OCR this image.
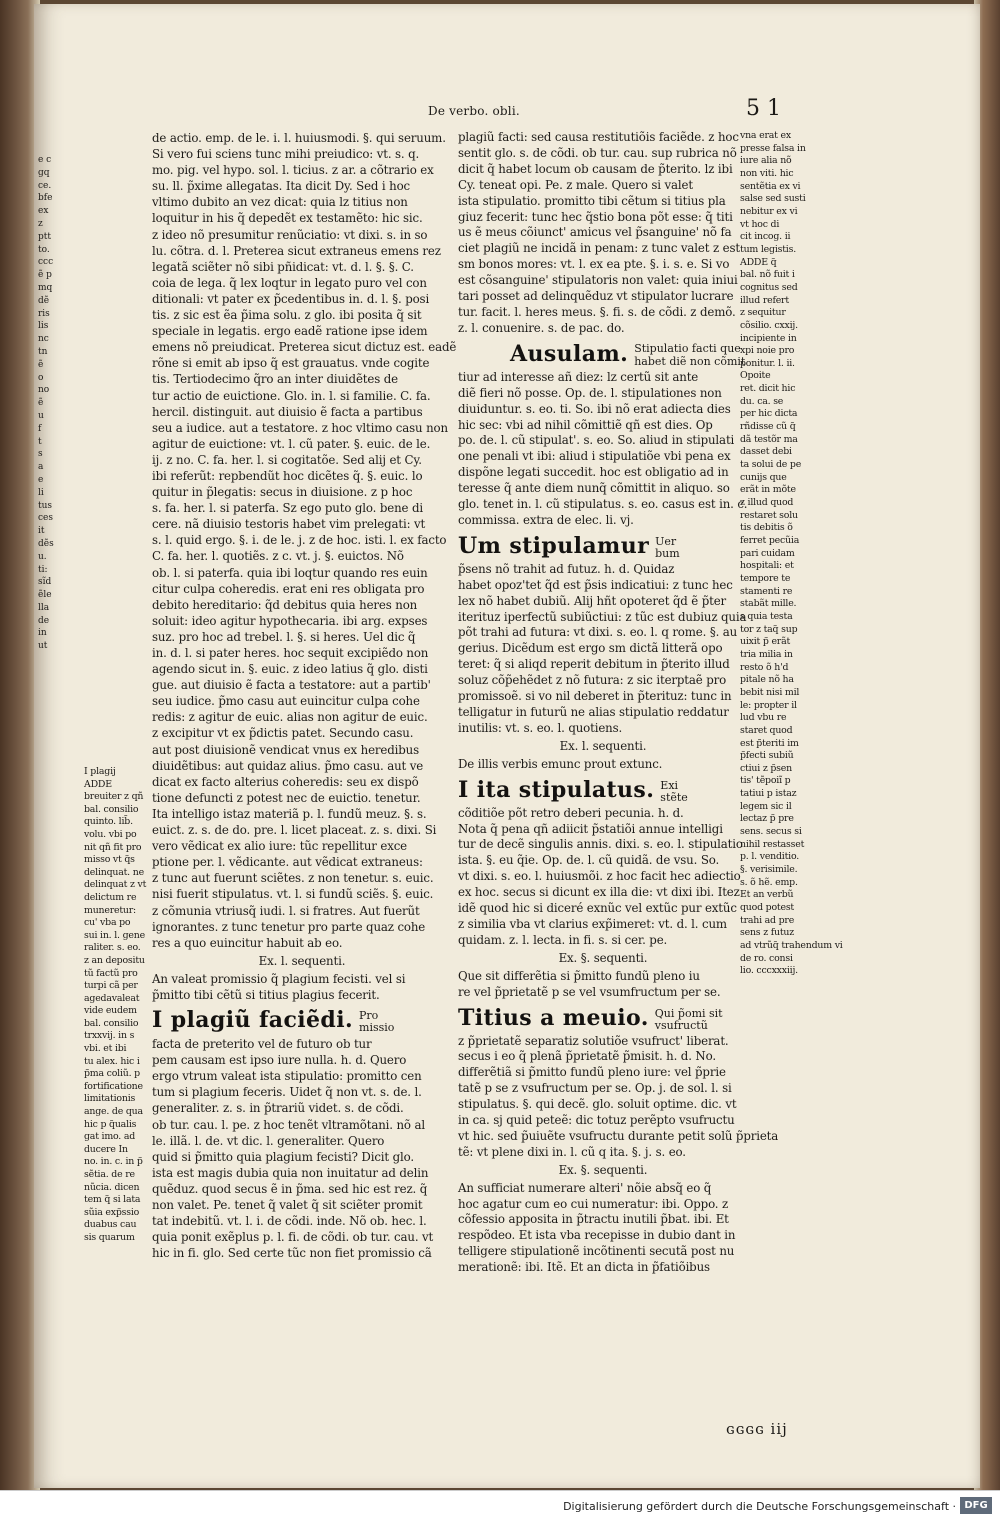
De verbo. obli.	5 1

e c

gq

ce.

bfe

ex

z

ptt

to.

ccc

ẽ p

mq

dẽ

ris

lis

nc

tn

ẽ

o

no

ẽ

u

f

t

s

a

e

li

tus

ces

it

dẽs

u.

ti:

sĩd

ẽle

lla

de

in

ut

I plagij

ADDE

breuiter z qñ

bal. consilio

quinto. lib̃.

volu. vbi po

nit qñ fit pro

misso vt q̃s

delinquat. ne

delinquat z vt

delictum re

muneretur:

cu' vba po

sui in. l. gene

raliter. s. eo.

z an depositu

tũ factũ pro

turpi cã per

agedavaleat

vide eudem

bal. consilio

trxxvij. in s

vbi. et ibi

tu alex. hic i

p̃ma coliũ. p

fortificatione

limitationis

ange. de qua

hic p q̃ualis

gat imo. ad

ducere In

no. in. c. in p̃

sẽtia. de re

nũcia. dicen

tem q̃ si lata

sũia exp̃ssio

duabus cau

sis quarum

de actio. emp. de le. i. l. huiusmodi. §. qui seruum.

Si vero fui sciens tunc mihi preiudico: vt. s. q.

mo. pig. vel hypo. sol. l. ticius. z ar. a cõtrario ex

su. ll. p̃xime allegatas. Ita dicit Dy. Sed i hoc

vltimo dubito an vez dicat: quia lz titius non

loquitur in his q̃ depedẽt ex testamẽto: hic sic.

z ideo nõ presumitur renũciatio: vt dixi. s. in so

lu. cõtra. d. l. Preterea sicut extraneus emens rez

legatã sciẽter nõ sibi pñidicat: vt. d. l. §. §. C.

coia de lega. q̃ lex loqtur in legato puro vel con

ditionali: vt pater ex p̃cedentibus in. d. l. §. posi

tis. z sic est ẽa p̃ima solu. z glo. ibi posita q̃ sit

speciale in legatis. ergo eadẽ ratione ipse idem

emens nõ preiudicat. Preterea sicut dictuz est. eadẽ

rõne si emit ab ipso q̃ est grauatus. vnde cogite

tis. Tertiodecimo q̃ro an inter diuidẽtes de

tur actio de euictione. Glo. in. l. si familie. C. fa.

hercil. distinguit. aut diuisio ẽ facta a partibus

seu a iudice. aut a testatore. z hoc vltimo casu non

agitur de euictione: vt. l. cũ pater. §. euic. de le.

ij. z no. C. fa. her. l. si cogitatõe. Sed alij et Cy.

ibi referũt: repbendũt hoc dicẽtes q̃. §. euic. lo

quitur in p̃legatis: secus in diuisione. z p hoc

s. fa. her. l. si paterfa. Sz ego puto glo. bene di

cere. nã diuisio testoris habet vim prelegati: vt

s. l. quid ergo. §. i. de le. j. z de hoc. isti. l. ex facto

C. fa. her. l. quotiẽs. z c. vt. j. §. euictos. Nõ

ob. l. si paterfa. quia ibi loqtur quando res euin

citur culpa coheredis. erat eni res obligata pro

debito hereditario: q̃d debitus quia heres non

soluit: ideo agitur hypothecaria. ibi arg. expses

suz. pro hoc ad trebel. l. §. si heres. Uel dic q̃

in. d. l. si pater heres. hoc sequit excipiẽdo non

agendo sicut in. §. euic. z ideo latius q̃ glo. disti

gue. aut diuisio ẽ facta a testatore: aut a partib'

seu iudice. p̃mo casu aut euincitur culpa cohe

redis: z agitur de euic. alias non agitur de euic.

z excipitur vt ex p̃dictis patet. Secundo casu.

aut post diuisionẽ vendicat vnus ex heredibus

diuidẽtibus: aut quidaz alius. p̃mo casu. aut ve

dicat ex facto alterius coheredis: seu ex dispõ

tione defuncti z potest nec de euictio. tenetur.

Ita intelligo istaz materiã p. l. fundũ meuz. §. s.

euict. z. s. de do. pre. l. licet placeat. z. s. dixi. Si

vero vẽdicat ex alio iure: tũc repellitur exce

ptione per. l. vẽdicante. aut vẽdicat extraneus:

z tunc aut fuerunt sciẽtes. z non tenetur. s. euic.

nisi fuerit stipulatus. vt. l. si fundũ sciẽs. §. euic.

z cõmunia vtriusq̃ iudi. l. si fratres. Aut fuerũt

ignorantes. z tunc tenetur pro parte quaz cohe

res a quo euincitur habuit ab eo.

Ex. l. sequenti.

An valeat promissio q̃ plagium fecisti. vel si

p̃mitto tibi cẽtũ si titius plagius fecerit.

I plagiũ faciẽdi. Pro missio

facta de preterito vel de futuro ob tur

pem causam est ipso iure nulla. h. d. Quero

ergo vtrum valeat ista stipulatio: promitto cen

tum si plagium feceris. Uidet q̃ non vt. s. de. l.

generaliter. z. s. in p̃trariũ videt. s. de cõdi.

ob tur. cau. l. pe. z hoc tenẽt vltramõtani. nõ al

le. illã. l. de. vt dic. l. generaliter. Quero

quid si p̃mitto quia plagium fecisti? Dicit glo.

ista est magis dubia quia non inuitatur ad delin

quẽduz. quod secus ẽ in p̃ma. sed hic est rez. q̃

non valet. Pe. tenet q̃ valet q̃ sit sciẽter promit

tat indebitũ. vt. l. i. de cõdi. inde. Nõ ob. hec. l.

quia ponit exẽplus p. l. fi. de cõdi. ob tur. cau. vt

hic in fi. glo. Sed certe tũc non fiet promissio cã

plagiũ facti: sed causa restitutiõis faciẽde. z hoc

sentit glo. s. de cõdi. ob tur. cau. sup rubrica nõ

dicit q̃ habet locum ob causam de p̃terito. lz ibi

Cy. teneat opi. Pe. z male. Quero si valet

ista stipulatio. promitto tibi cẽtum si titius pla

giuz fecerit: tunc hec q̃stio bona põt esse: q̃ titi

us ẽ meus cõiunct' amicus vel p̃sanguine' nõ fa

ciet plagiũ ne incidã in penam: z tunc valet z est

sm bonos mores: vt. l. ex ea pte. §. i. s. e. Si vo

est cõsanguine' stipulatoris non valet: quia iniui

tari posset ad delinquẽduz vt stipulator lucrare

tur. facit. l. heres meus. §. fi. s. de cõdi. z demõ.

z. l. conuenire. s. de pac. do.

Ausulam. Stipulatio facti que habet diẽ non cõmit

tiur ad interesse añ diez: lz certũ sit ante

diẽ fieri nõ posse. Op. de. l. stipulationes non

diuiduntur. s. eo. ti. So. ibi nõ erat adiecta dies

hic sec: vbi ad nihil cõmittiẽ qñ est dies. Op

po. de. l. cũ stipulat'. s. eo. So. aliud in stipulati

one penali vt ibi: aliud i stipulatiõe vbi pena ex

dispõne legati succedit. hoc est obligatio ad in

teresse q̃ ante diem nunq̃ cõmittit in aliquo. so

glo. tenet in. l. cũ stipulatus. s. eo. casus est in. c.

commissa. extra de elec. li. vj.

Um stipulamur Uer bum

p̃sens nõ trahit ad futuz. h. d. Quidaz

habet opoz'tet q̃d est p̃sis indicatiui: z tunc hec

lex nõ habet dubiũ. Alij hñt opoteret q̃d ẽ p̃ter

iterituz iperfectũ subiũctiui: z tũc est dubiuz quia

põt trahi ad futura: vt dixi. s. eo. l. q rome. §. au

gerius. Dicẽdum est ergo sm dictã litterã opo

teret: q̃ si aliqd reperit debitum in p̃terito illud

soluz cõp̃ehẽdet z nõ futura: z sic iterptaẽ pro

promissoẽ. si vo nil deberet in p̃terituz: tunc in

telligatur in futurũ ne alias stipulatio reddatur

inutilis: vt. s. eo. l. quotiens.

Ex. l. sequenti.

De illis verbis emunc prout extunc.

I ita stipulatus. Exi stẽte

cõditiõe põt retro deberi pecunia. h. d.

Nota q̃ pena qñ adiicit p̃statiõi annue intelligi

tur de decẽ singulis annis. dixi. s. eo. l. stipulatio

ista. §. eu q̃ie. Op. de. l. cũ quidã. de vsu. So.

vt dixi. s. eo. l. huiusmõi. z hoc facit hec adiectio

ex hoc. secus si dicunt ex illa die: vt dixi ibi. Itez

idẽ quod hic si diceré exnũc vel extũc pur extũc

z similia vba vt clarius exp̃imeret: vt. d. l. cum

quidam. z. l. lecta. in fi. s. si cer. pe.

Ex. §. sequenti.

Que sit differẽtia si p̃mitto fundũ pleno iu

re vel p̃prietatẽ p se vel vsumfructum per se.

Titius a meuio. Qui p̃omi sit vsufructũ

z p̃prietatẽ separatiz solutiõe vsufruct' liberat.

secus i eo q̃ plenã p̃prietatẽ p̃misit. h. d. No.

differẽtiã si p̃mitto fundũ pleno iure: vel p̃prie

tatẽ p se z vsufructum per se. Op. j. de sol. l. si

stipulatus. §. qui decẽ. glo. soluit optime. dic. vt

in ca. sj quid peteẽ: dic totuz perẽpto vsufructu

vt hic. sed p̃uiuẽte vsufructu durante petit solũ p̃prieta

tẽ: vt plene dixi in. l. cũ q ita. §. j. s. eo.

Ex. §. sequenti.

An sufficiat numerare alteri' nõie absq̃ eo q̃

hoc agatur cum eo cui numeratur: ibi. Oppo. z

cõfessio apposita in p̃tractu inutili p̃bat. ibi. Et

respõdeo. Et ista vba recepisse in dubio dant in

telligere stipulationẽ incõtinenti secutã post nu

merationẽ: ibi. Itẽ. Et an dicta in p̃fatiõibus

vna erat ex

presse falsa in

iure alia nõ

non viti. hic

sentẽtia ex vi

salse sed susti

nebitur ex vi

vt hoc di

cit incog. ii

tum legistis.

ADDE q̃

bal. nõ fuit i

cognitus sed

illud refert

z sequitur

cõsilio. cxxij.

incipiente in

xpi noie pro

ponitur. l. ii.

Opoite

ret. dicit hic

du. ca. se

per hic dicta

rñdisse cũ q̃

dã testõr ma

dasset debi

ta solui de pe

cunijs que

erãt in mõte

z illud quod

restaret solu

tis debitis õ

ferret pecũia

pari cuidam

hospitali: et

tempore te

stamenti re

stabãt mille.

s quia testa

tor z taq̃ sup

uixit p̃ erãt

tria milia in

resto õ h'd

pitale nõ ha

bebit nisi mil

le: propter il

lud vbu re

staret quod

est p̃teriti im

p̃fecti subiũ

ctiui z p̃sen

tis' tẽpoiĩ p

tatiui p istaz

legem sic il

lectaz p̃ pre

sens. secus si

nihil restasset

p. l. venditio.

§. verisimile.

s. õ hẽ. emp.

Et an verbũ

quod potest

trahi ad pre

sens z futuz

ad vtrũq̃ trahendum vi

de ro. consi

lio. cccxxxiij.

ɢɢɢɢ iij
Digitalisierung gefördert durch die Deutsche Forschungsgemeinschaft · DFG
